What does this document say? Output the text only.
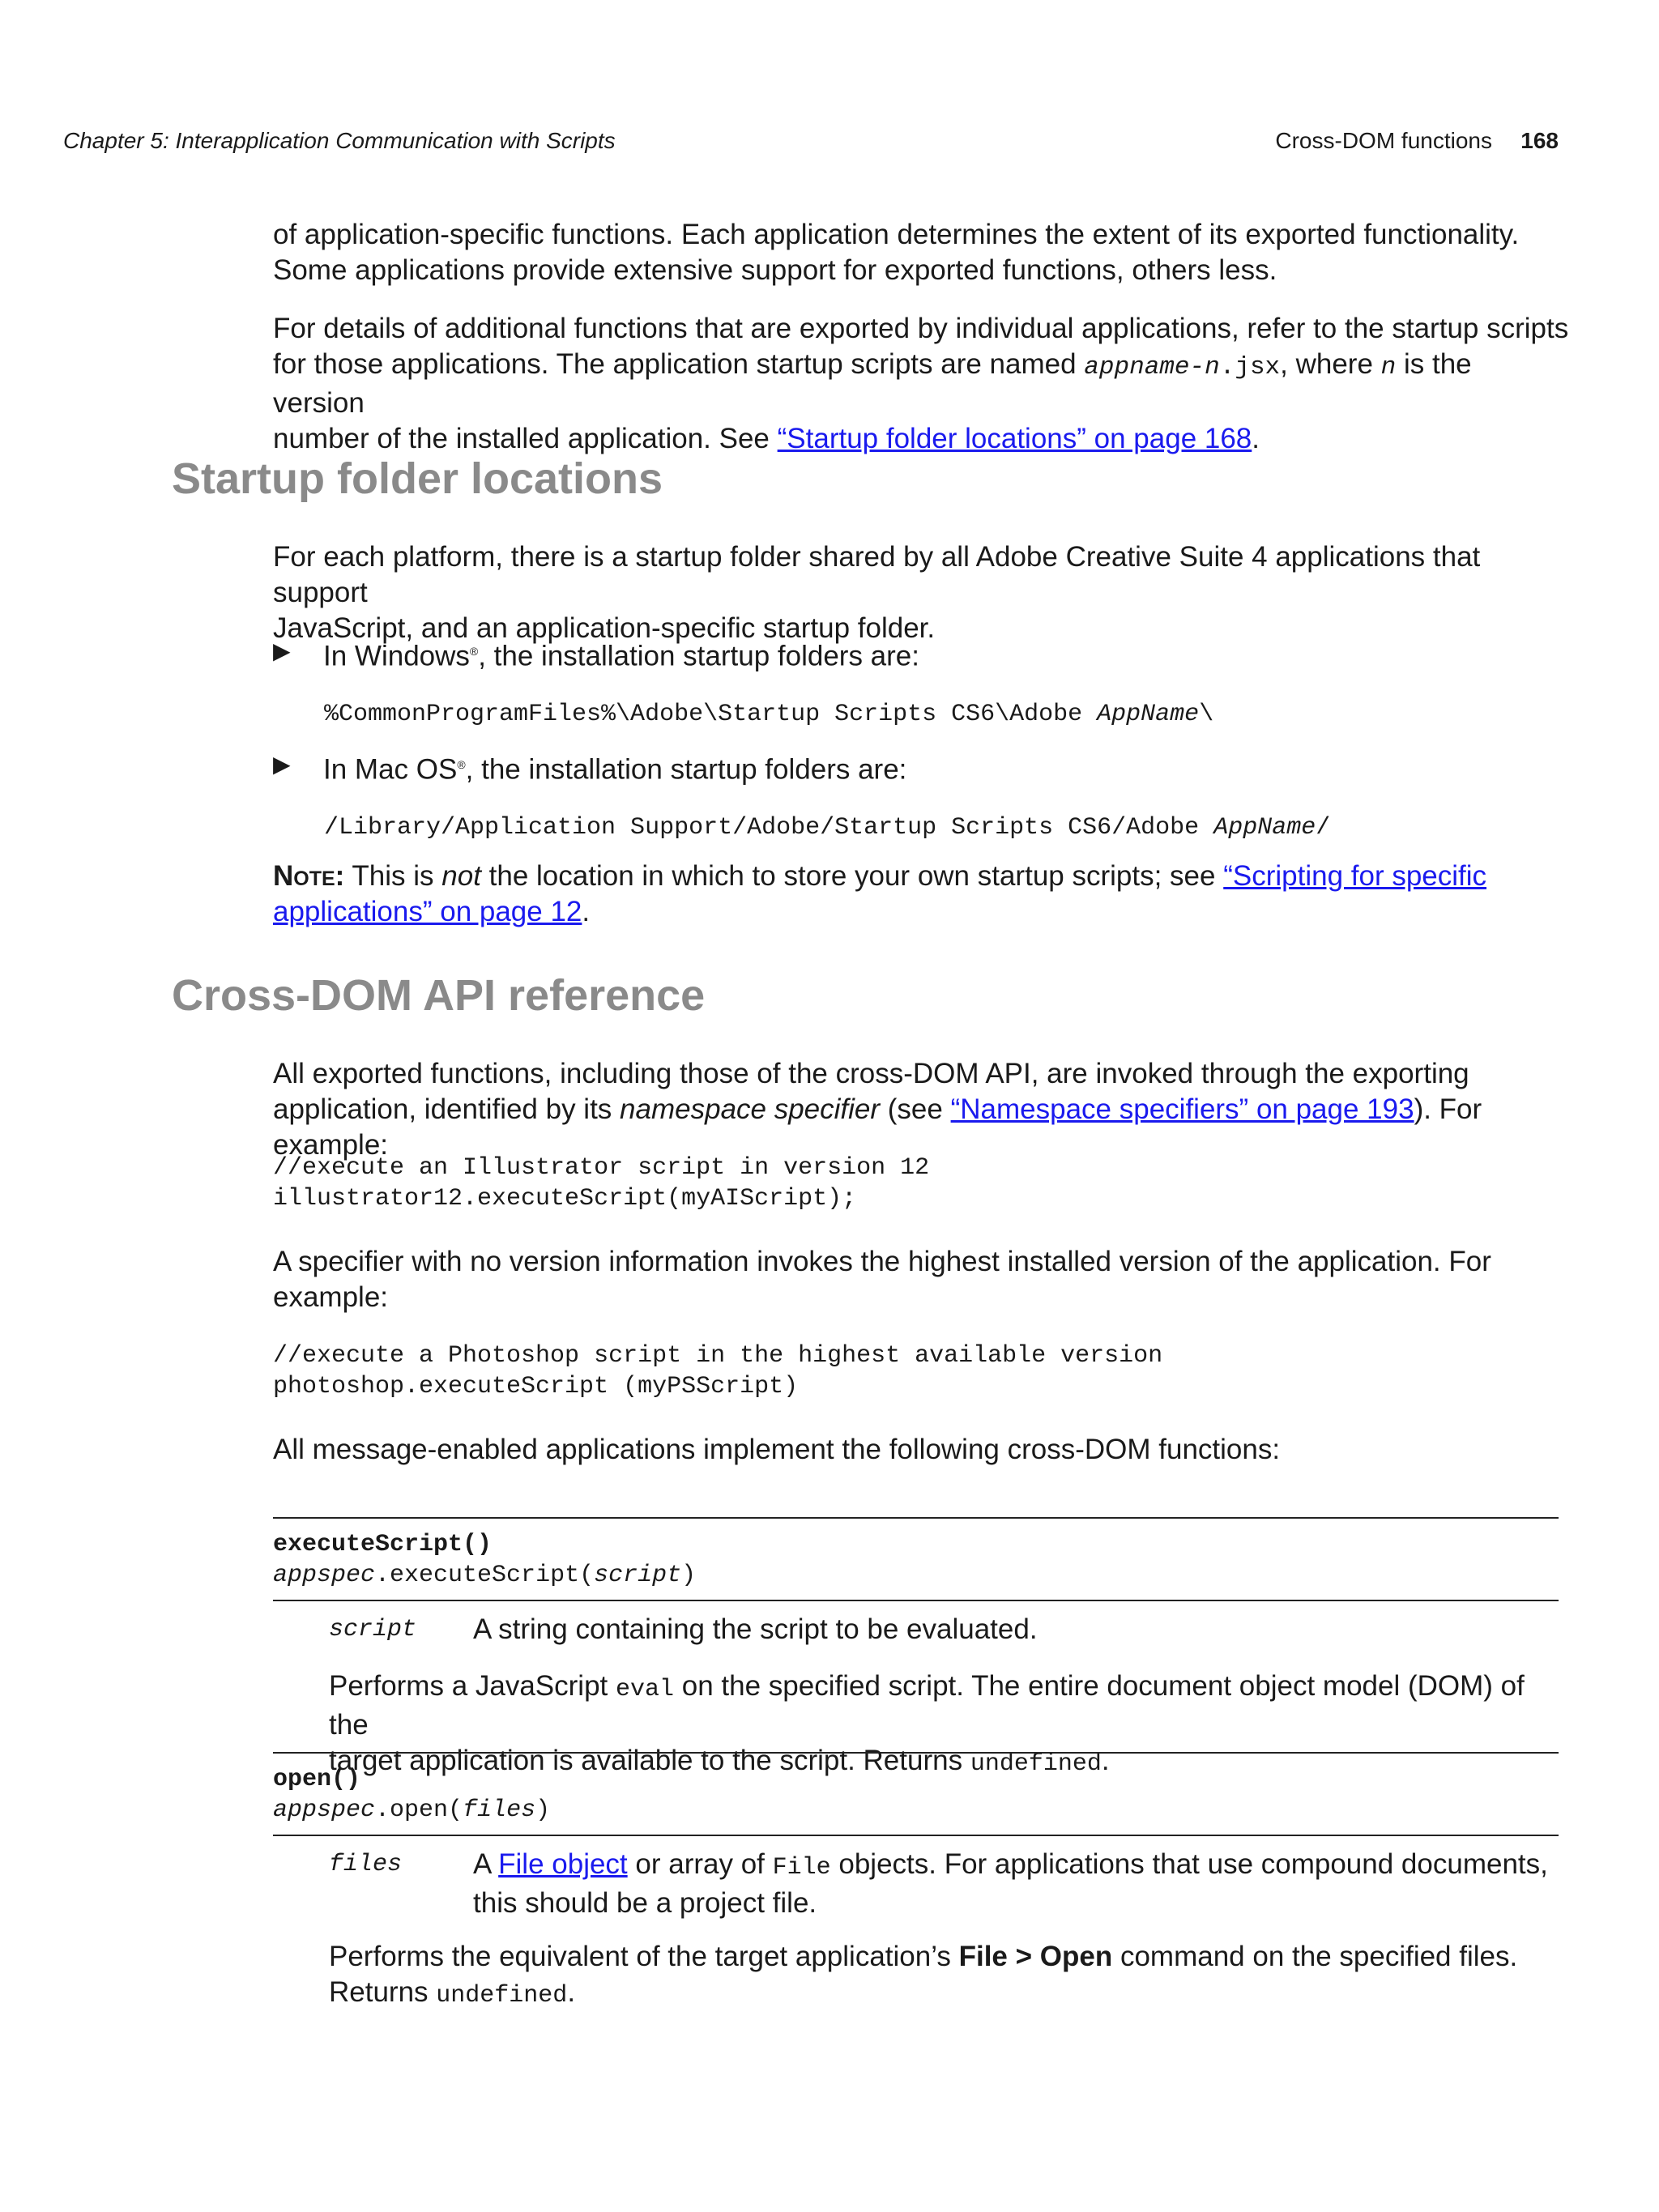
Chapter 5: Interapplication Communication with Scripts	Cross-DOM functions 168
of application-specific functions. Each application determines the extent of its exported functionality.
Some applications provide extensive support for exported functions, others less.
For details of additional functions that are exported by individual applications, refer to the startup scripts
for those applications. The application startup scripts are named appname-n.jsx, where n is the version
number of the installed application. See “Startup folder locations” on page 168.
Startup folder locations
For each platform, there is a startup folder shared by all Adobe Creative Suite 4 applications that support
JavaScript, and an application-specific startup folder.
▶ In Windows®, the installation startup folders are:
%CommonProgramFiles%\Adobe\Startup Scripts CS6\Adobe AppName\
▶ In Mac OS®, the installation startup folders are:
/Library/Application Support/Adobe/Startup Scripts CS6/Adobe AppName/
Note: This is not the location in which to store your own startup scripts; see “Scripting for specific
applications” on page 12.
Cross-DOM API reference
All exported functions, including those of the cross-DOM API, are invoked through the exporting
application, identified by its namespace specifier (see “Namespace specifiers” on page 193). For example:
//execute an Illustrator script in version 12
illustrator12.executeScript(myAIScript);
A specifier with no version information invokes the highest installed version of the application. For
example:
//execute a Photoshop script in the highest available version
photoshop.executeScript (myPSScript)
All message-enabled applications implement the following cross-DOM functions:
executeScript()
appspec.executeScript(script)
script A string containing the script to be evaluated.
Performs a JavaScript eval on the specified script. The entire document object model (DOM) of the
target application is available to the script. Returns undefined.
open()
appspec.open(files)
files	A File object or array of File objects. For applications that use compound documents,
this should be a project file.
Performs the equivalent of the target application’s File > Open command on the specified files.
Returns undefined.
